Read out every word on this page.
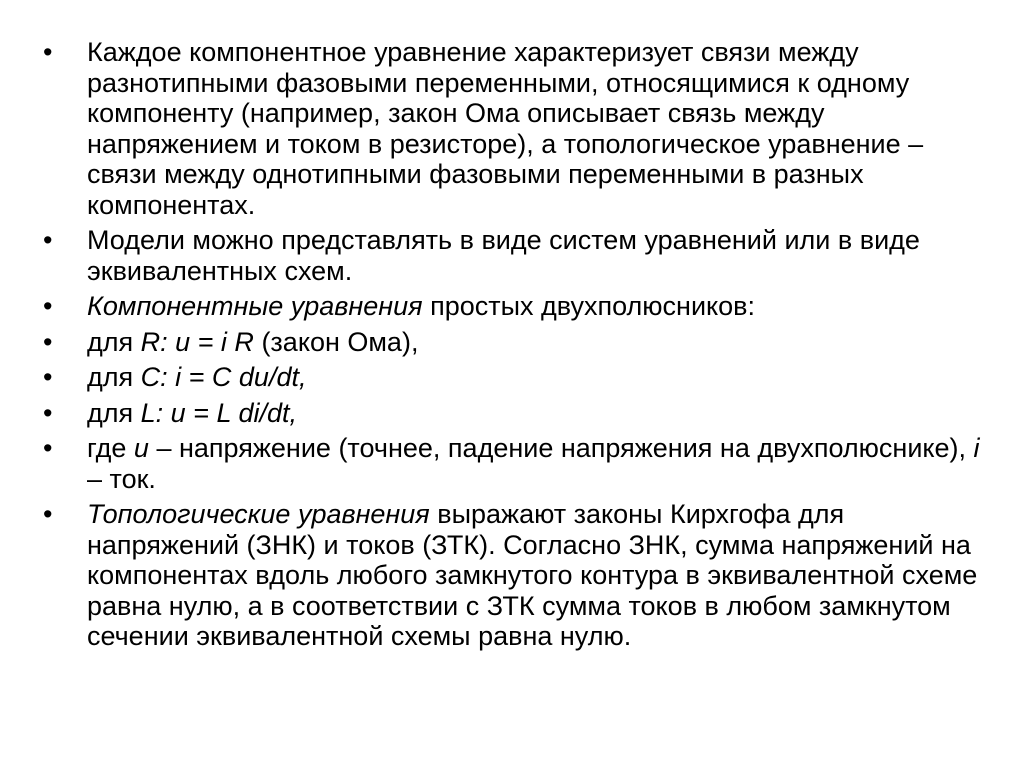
• Каждое компонентное уравнение характеризует связи между разнотипными фазовыми переменными, относящимися к одному компоненту (например, закон Ома описывает связь между напряжением и током в резисторе), а топологическое уравнение – связи между однотипными фазовыми переменными в разных компонентах.
• Модели можно представлять в виде систем уравнений или в виде эквивалентных схем.
• Компонентные уравнения простых двухполюсников:
• для R: u = i R (закон Ома),
• для C: i = C du/dt,
• для L: u = L di/dt,
• где u – напряжение (точнее, падение напряжения на двухполюснике), i – ток.
• Топологические уравнения выражают законы Кирхгофа для напряжений (ЗНК) и токов (ЗТК). Согласно ЗНК, сумма напряжений на компонентах вдоль любого замкнутого контура в эквивалентной схеме равна нулю, а в соответствии с ЗТК сумма токов в любом замкнутом сечении эквивалентной схемы равна нулю.
